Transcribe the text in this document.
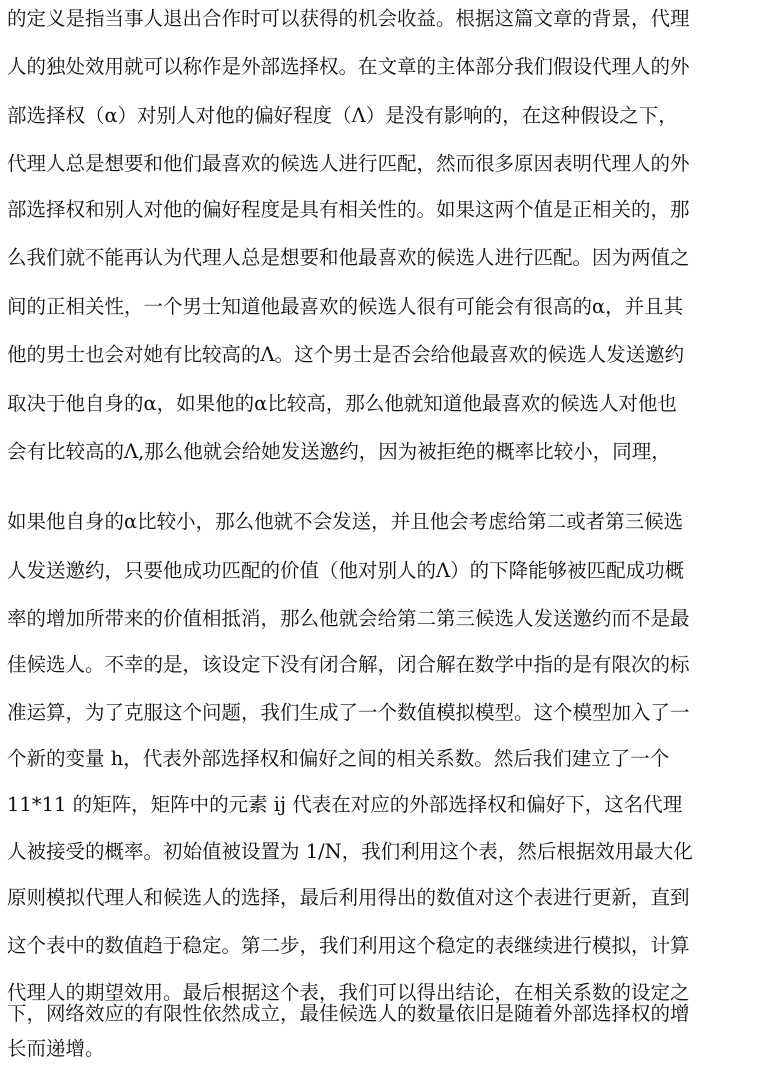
的定义是指当事人退出合作时可以获得的机会收益。根据这篇文章的背景，代理

人的独处效用就可以称作是外部选择权。在文章的主体部分我们假设代理人的外

部选择权（α）对别人对他的偏好程度（Λ）是没有影响的，在这种假设之下，

代理人总是想要和他们最喜欢的候选人进行匹配，然而很多原因表明代理人的外

部选择权和别人对他的偏好程度是具有相关性的。如果这两个值是正相关的，那

么我们就不能再认为代理人总是想要和他最喜欢的候选人进行匹配。因为两值之

间的正相关性，一个男士知道他最喜欢的候选人很有可能会有很高的α，并且其

他的男士也会对她有比较高的Λ。这个男士是否会给他最喜欢的候选人发送邀约

取决于他自身的α，如果他的α比较高，那么他就知道他最喜欢的候选人对他也

会有比较高的Λ,那么他就会给她发送邀约，因为被拒绝的概率比较小，同理，

如果他自身的α比较小，那么他就不会发送，并且他会考虑给第二或者第三候选

人发送邀约，只要他成功匹配的价值（他对别人的Λ）的下降能够被匹配成功概

率的增加所带来的价值相抵消，那么他就会给第二第三候选人发送邀约而不是最

佳候选人。不幸的是，该设定下没有闭合解，闭合解在数学中指的是有限次的标

准运算，为了克服这个问题，我们生成了一个数值模拟模型。这个模型加入了一

个新的变量 h，代表外部选择权和偏好之间的相关系数。然后我们建立了一个

11*11 的矩阵，矩阵中的元素 ij 代表在对应的外部选择权和偏好下，这名代理

人被接受的概率。初始值被设置为 1/N，我们利用这个表，然后根据效用最大化

原则模拟代理人和候选人的选择，最后利用得出的数值对这个表进行更新，直到

这个表中的数值趋于稳定。第二步，我们利用这个稳定的表继续进行模拟，计算

代理人的期望效用。最后根据这个表，我们可以得出结论，在相关系数的设定之

下，网络效应的有限性依然成立，最佳候选人的数量依旧是随着外部选择权的增

长而递增。
